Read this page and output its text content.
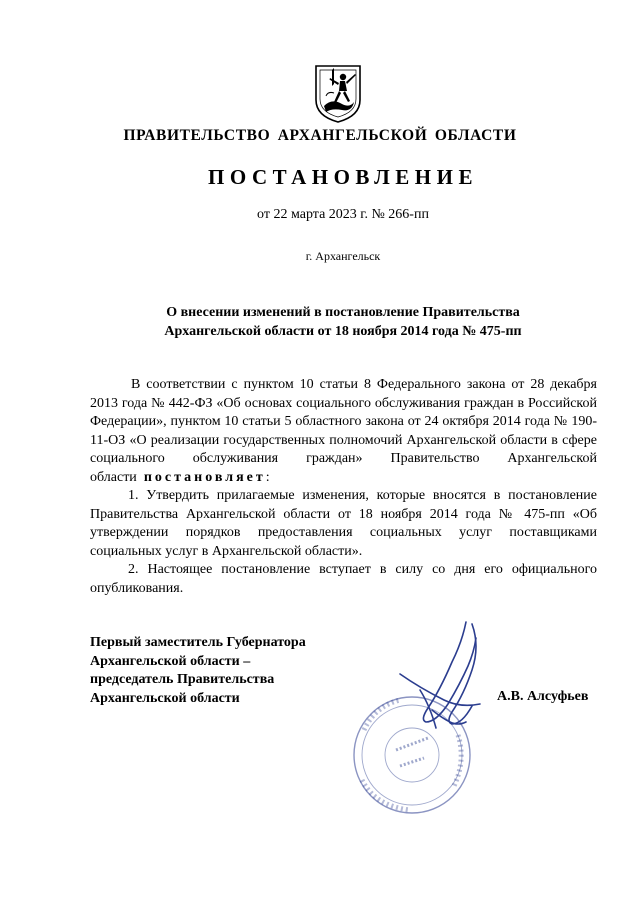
ПРАВИТЕЛЬСТВО АРХАНГЕЛЬСКОЙ ОБЛАСТИ
ПОСТАНОВЛЕНИЕ
от 22 марта 2023 г. № 266-пп
г. Архангельск
О внесении изменений в постановление Правительства
Архангельской области от 18 ноября 2014 года № 475-пп

В соответствии с пунктом 10 статьи 8 Федерального закона от 28 декабря 2013 года № 442-ФЗ «Об основах социального обслуживания граждан в Российской Федерации», пунктом 10 статьи 5 областного закона от 24 октября 2014 года № 190-11-ОЗ «О реализации государственных полномочий Архангельской области в сфере социального обслуживания граждан» Правительство Архангельской области постановляет:

1. Утвердить прилагаемые изменения, которые вносятся в постановление Правительства Архангельской области от 18 ноября 2014 года № 475-пп «Об утверждении порядков предоставления социальных услуг поставщиками социальных услуг в Архангельской области».

2. Настоящее постановление вступает в силу со дня его официального опубликования.

Первый заместитель Губернатора
Архангельской области –
председатель Правительства
Архангельской области	А.В. Алсуфьев
